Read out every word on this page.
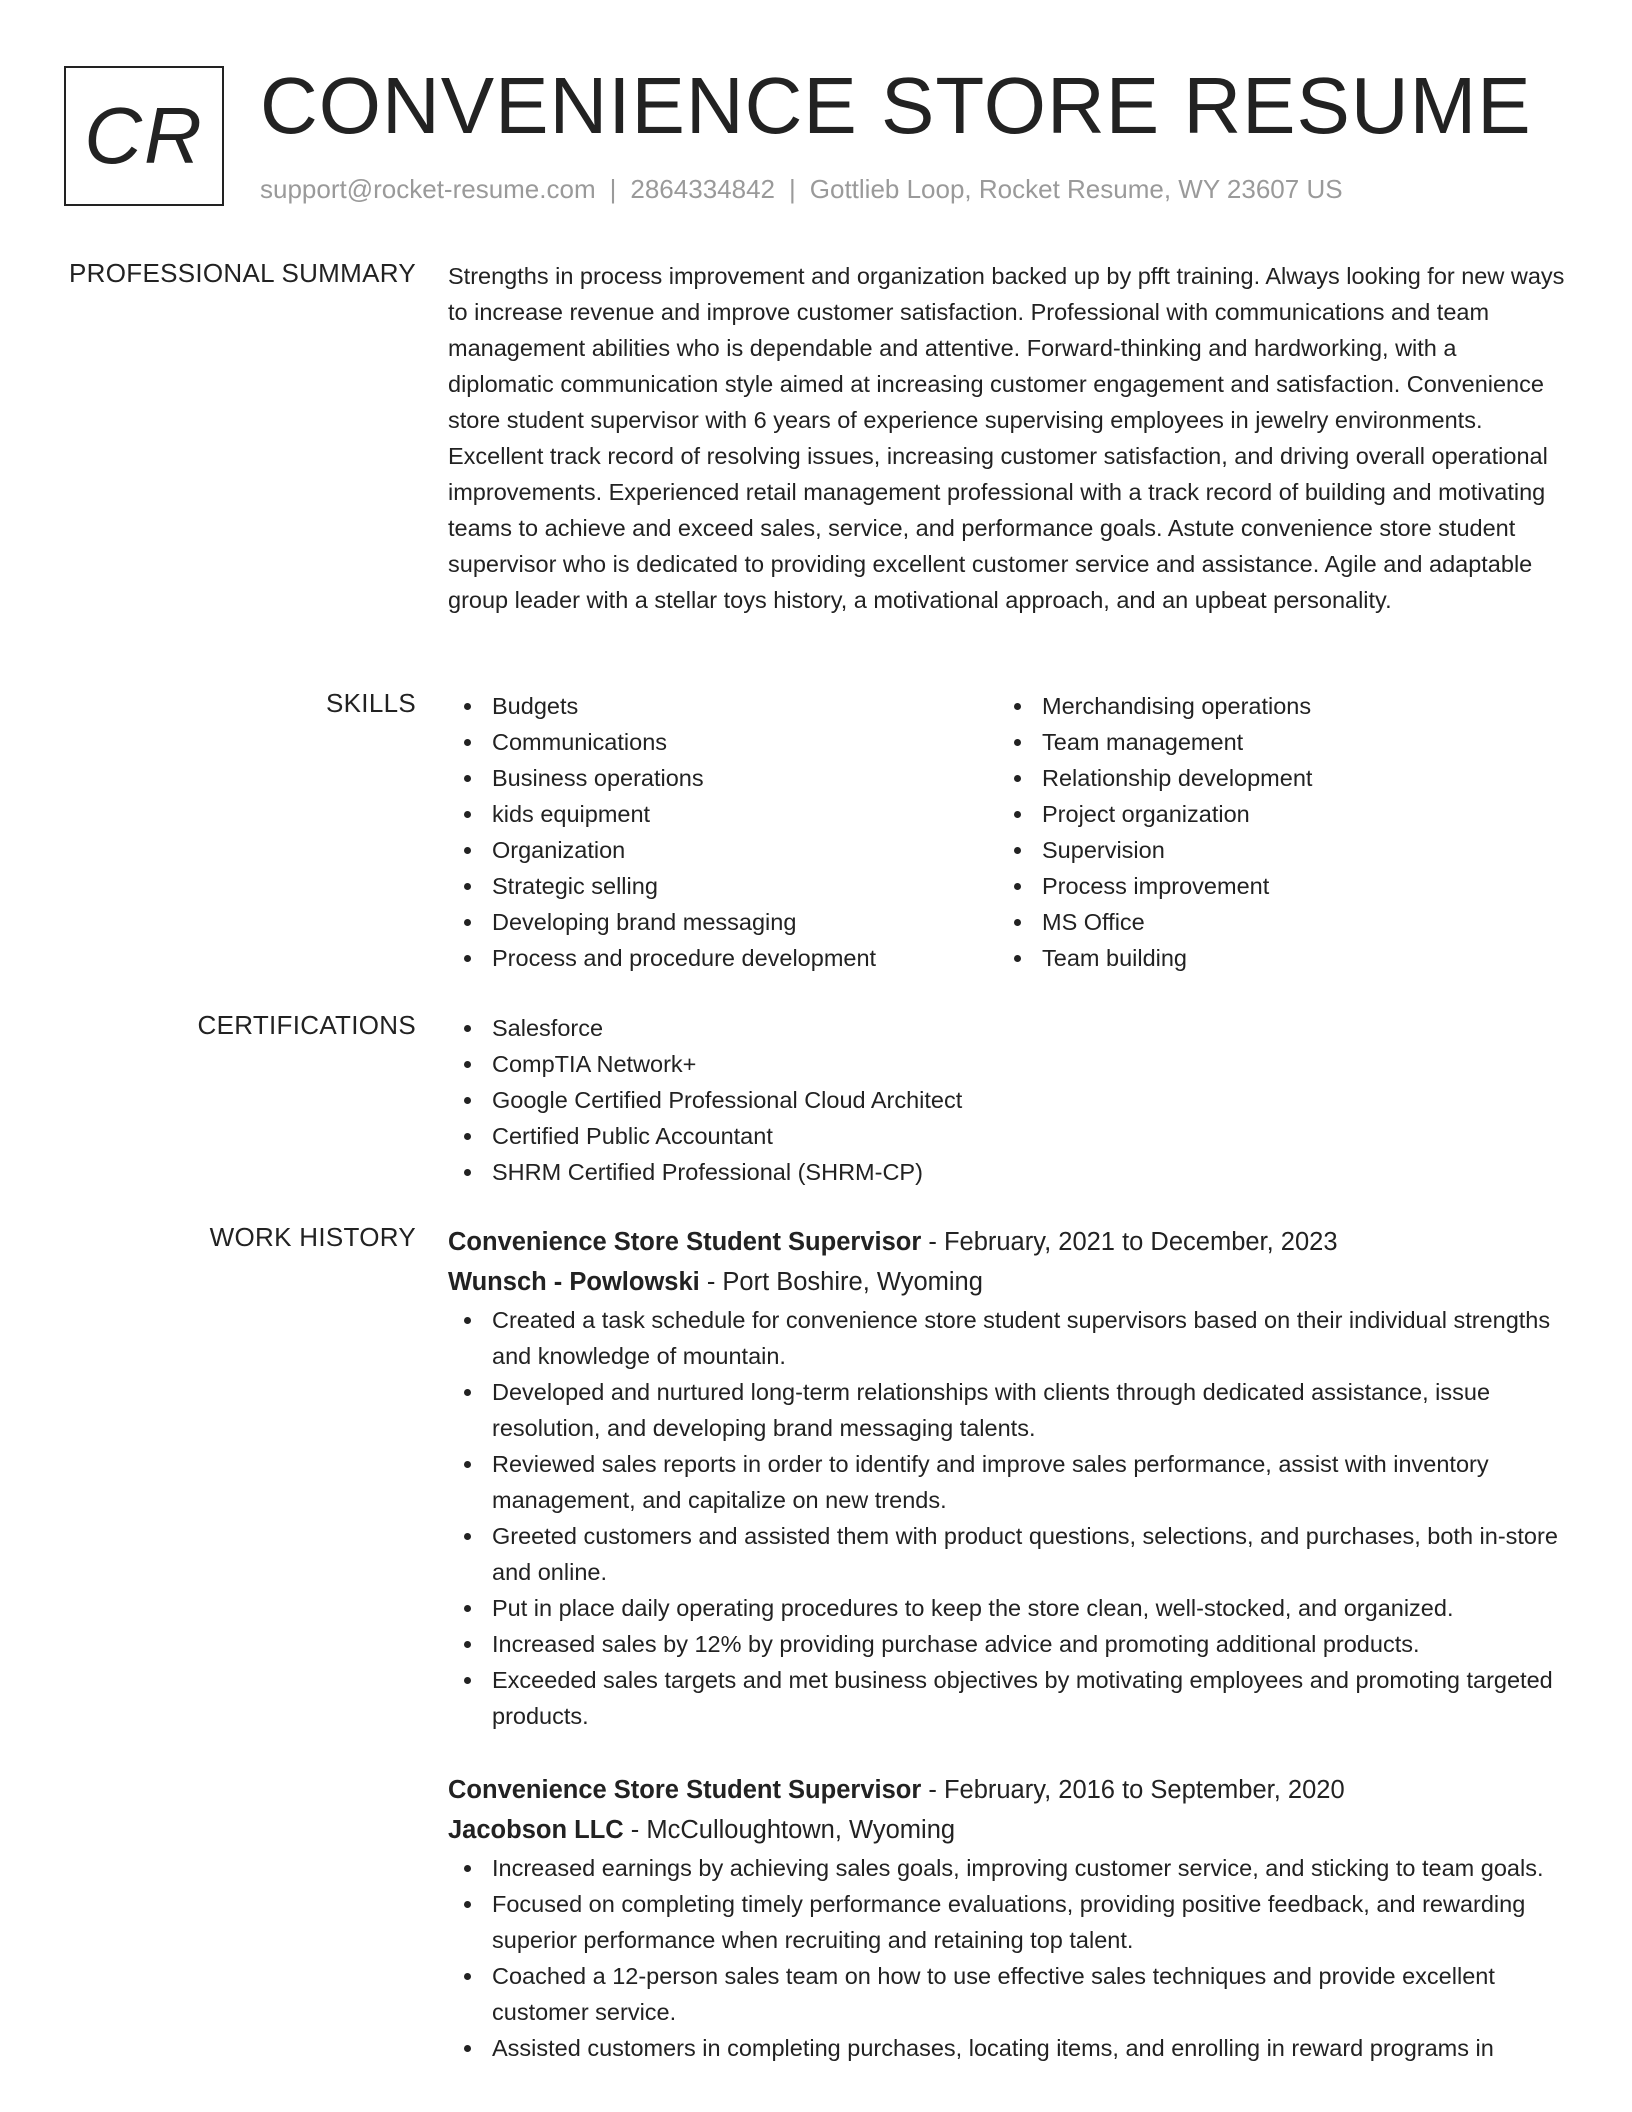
CR CONVENIENCE STORE RESUME
support@rocket-resume.com | 2864334842 | Gottlieb Loop, Rocket Resume, WY 23607 US
PROFESSIONAL SUMMARY Strengths in process improvement and organization backed up by pfft training. Always looking for new ways to increase revenue and improve customer satisfaction. Professional with communications and team management abilities who is dependable and attentive. Forward-thinking and hardworking, with a diplomatic communication style aimed at increasing customer engagement and satisfaction. Convenience store student supervisor with 6 years of experience supervising employees in jewelry environments. Excellent track record of resolving issues, increasing customer satisfaction, and driving overall operational improvements. Experienced retail management professional with a track record of building and motivating teams to achieve and exceed sales, service, and performance goals. Astute convenience store student supervisor who is dedicated to providing excellent customer service and assistance. Agile and adaptable group leader with a stellar toys history, a motivational approach, and an upbeat personality.

SKILLS	Budgets
Communications
Business operations
kids equipment
Organization
Strategic selling
Developing brand messaging
Process and procedure development
Merchandising operations
Team management
Relationship development
Project organization
Supervision
Process improvement
MS Office
Team building
CERTIFICATIONS	Salesforce
CompTIA Network+
Google Certified Professional Cloud Architect
Certified Public Accountant
SHRM Certified Professional (SHRM-CP)
WORK HISTORY Convenience Store Student Supervisor - February, 2021 to December, 2023
Wunsch - Powlowski - Port Boshire, Wyoming
Created a task schedule for convenience store student supervisors based on their individual strengths and knowledge of mountain.
Developed and nurtured long-term relationships with clients through dedicated assistance, issue resolution, and developing brand messaging talents.
Reviewed sales reports in order to identify and improve sales performance, assist with inventory management, and capitalize on new trends.
Greeted customers and assisted them with product questions, selections, and purchases, both in-store and online.
Put in place daily operating procedures to keep the store clean, well-stocked, and organized.
Increased sales by 12% by providing purchase advice and promoting additional products.
Exceeded sales targets and met business objectives by motivating employees and promoting targeted products.
Convenience Store Student Supervisor - February, 2016 to September, 2020
Jacobson LLC - McCulloughtown, Wyoming
Increased earnings by achieving sales goals, improving customer service, and sticking to team goals.
Focused on completing timely performance evaluations, providing positive feedback, and rewarding superior performance when recruiting and retaining top talent.
Coached a 12-person sales team on how to use effective sales techniques and provide excellent customer service.
Assisted customers in completing purchases, locating items, and enrolling in reward programs in
